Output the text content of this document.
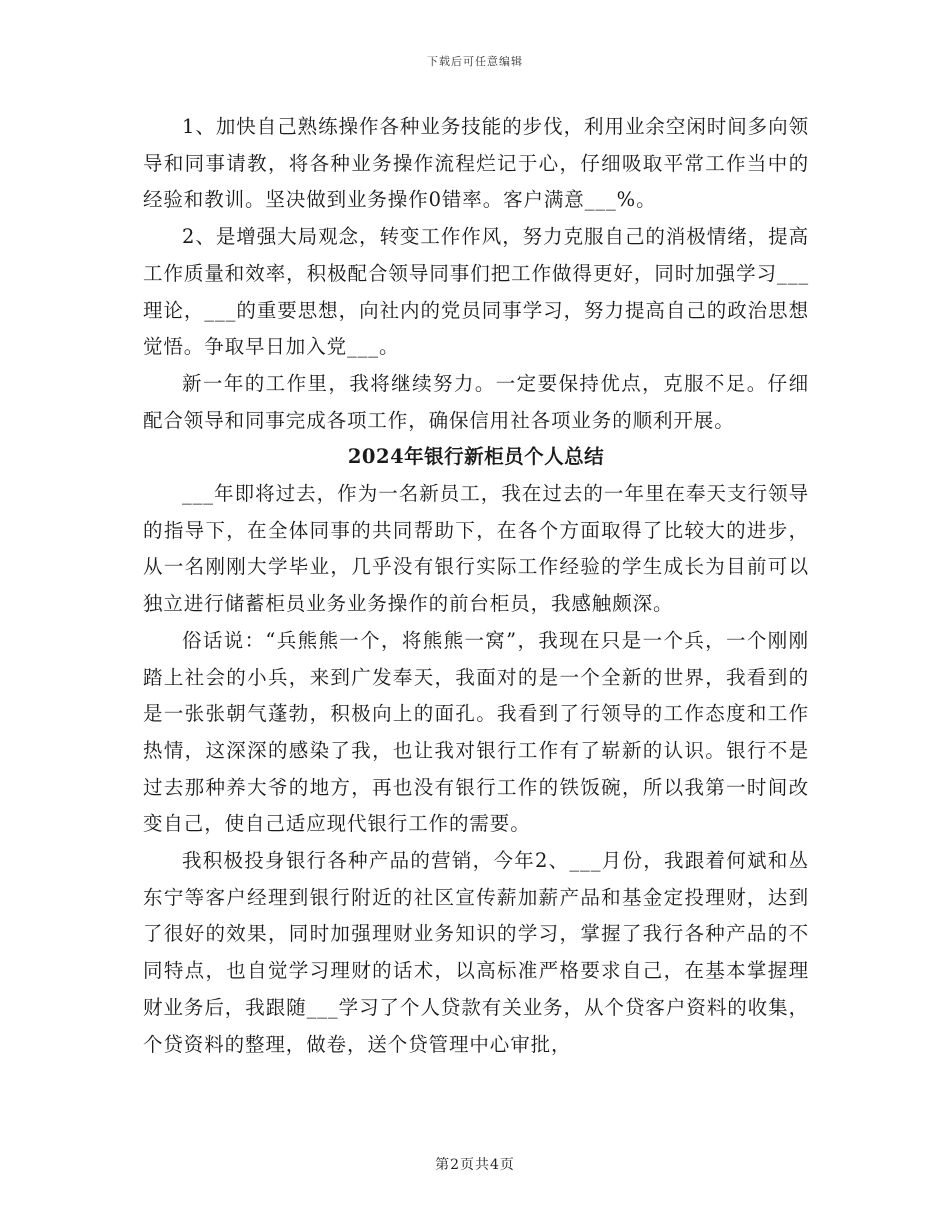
下载后可任意编辑

1、加快自己熟练操作各种业务技能的步伐，利用业余空闲时间多向领导和同事请教，将各种业务操作流程烂记于心，仔细吸取平常工作当中的经验和教训。坚决做到业务操作0错率。客户满意___%。

2、是增强大局观念，转变工作作风，努力克服自己的消极情绪，提高工作质量和效率，积极配合领导同事们把工作做得更好，同时加强学习___理论，___的重要思想，向社内的党员同事学习，努力提高自己的政治思想觉悟。争取早日加入党___。

新一年的工作里，我将继续努力。一定要保持优点，克服不足。仔细配合领导和同事完成各项工作，确保信用社各项业务的顺利开展。

2024年银行新柜员个人总结

___年即将过去，作为一名新员工，我在过去的一年里在奉天支行领导的指导下，在全体同事的共同帮助下，在各个方面取得了比较大的进步，从一名刚刚大学毕业，几乎没有银行实际工作经验的学生成长为目前可以独立进行储蓄柜员业务业务操作的前台柜员，我感触颇深。

俗话说：“兵熊熊一个，将熊熊一窝”，我现在只是一个兵，一个刚刚踏上社会的小兵，来到广发奉天，我面对的是一个全新的世界，我看到的是一张张朝气蓬勃，积极向上的面孔。我看到了行领导的工作态度和工作热情，这深深的感染了我，也让我对银行工作有了崭新的认识。银行不是过去那种养大爷的地方，再也没有银行工作的铁饭碗，所以我第一时间改变自己，使自己适应现代银行工作的需要。

我积极投身银行各种产品的营销，今年2、___月份，我跟着何斌和丛东宁等客户经理到银行附近的社区宣传薪加薪产品和基金定投理财，达到了很好的效果，同时加强理财业务知识的学习，掌握了我行各种产品的不同特点，也自觉学习理财的话术，以高标准严格要求自己，在基本掌握理财业务后，我跟随___学习了个人贷款有关业务，从个贷客户资料的收集，个贷资料的整理，做卷，送个贷管理中心审批，

第2页共4页
